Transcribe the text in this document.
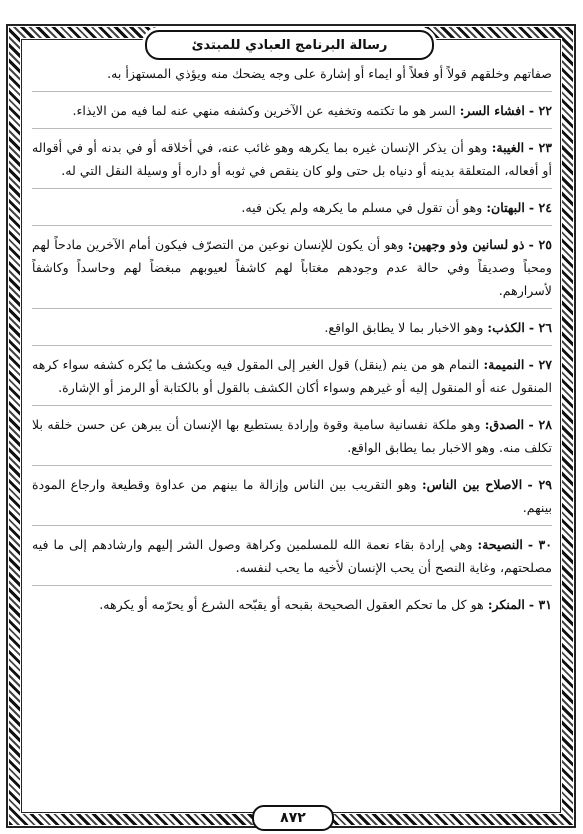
رسالة البرنامج العبادي للمبتدئ
صفاتهم وخلقهم قولاً أو فعلاً أو ايماء أو إشارة على وجه يضحك منه ويؤذي المستهزأ به.
٢٢ - افشاء السر: السر هو ما تكتمه وتخفيه عن الآخرين وكشفه منهي عنه لما فيه من الايذاء.
٢٣ - الغيبة: وهو أن يذكر الإنسان غيره بما يكرهه وهو غائب عنه، في أخلاقه أو في بدنه أو في أقواله أو أفعاله، المتعلقة بدينه أو دنياه بل حتى ولو كان ينقص في ثوبه أو داره أو وسيلة النقل التي له.
٢٤ - البهتان: وهو أن تقول في مسلم ما يكرهه ولم يكن فيه.
٢٥ - ذو لسانين وذو وجهين: وهو أن يكون للإنسان نوعين من التصرّف فيكون أمام الآخرين مادحاً لهم ومحباً وصديقاً وفي حالة عدم وجودهم مغتاباً لهم كاشفاً لعيوبهم مبغضاً لهم وحاسداً وكاشفاً لأسرارهم.
٢٦ - الكذب: وهو الاخبار بما لا يطابق الواقع.
٢٧ - النميمة: النمام هو من ينم (ينقل) قول الغير إلى المقول فيه ويكشف ما يُكره كشفه سواء كرهه المنقول عنه أو المنقول إليه أو غيرهم وسواء أكان الكشف بالقول أو بالكتابة أو الرمز أو الإشارة.
٢٨ - الصدق: وهو ملكة نفسانية سامية وقوة وإرادة يستطيع بها الإنسان أن يبرهن عن حسن خلقه بلا تكلف منه. وهو الاخبار بما يطابق الواقع.
٢٩ - الاصلاح بين الناس: وهو التقريب بين الناس وإزالة ما بينهم من عداوة وقطيعة وارجاع المودة بينهم.
٣٠ - النصيحة: وهي إرادة بقاء نعمة الله للمسلمين وكراهة وصول الشر إليهم وارشادهم إلى ما فيه مصلحتهم، وغاية النصح أن يحب الإنسان لأخيه ما يحب لنفسه.
٣١ - المنكر: هو كل ما تحكم العقول الصحيحة بقبحه أو يقبّحه الشرع أو يحرّمه أو يكرهه.
٨٧٢
